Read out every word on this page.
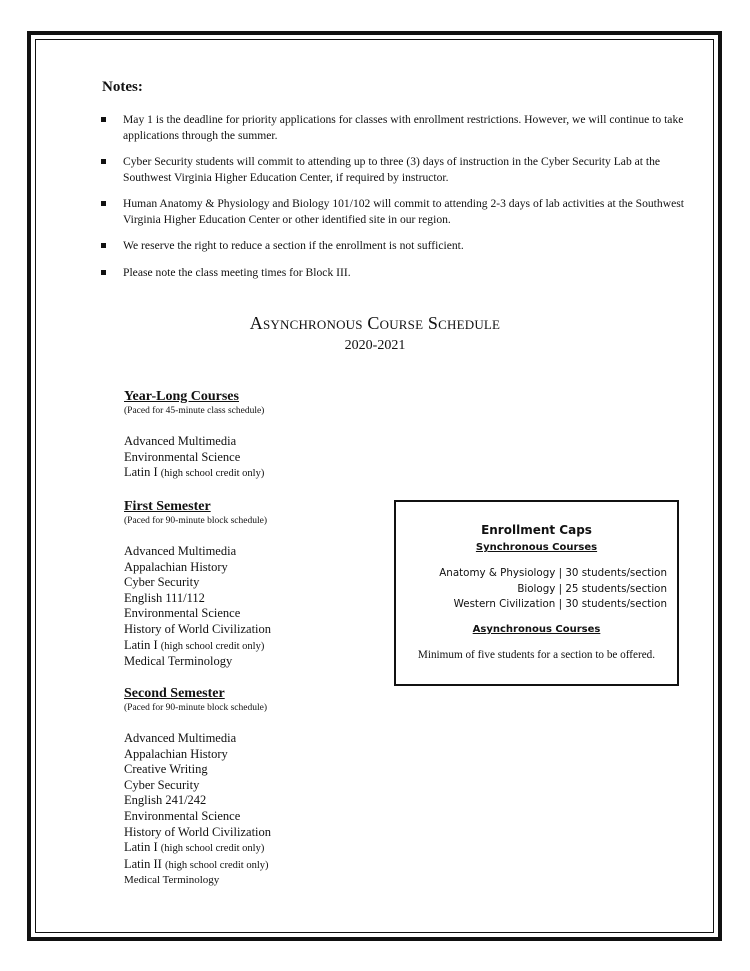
Notes:
May 1 is the deadline for priority applications for classes with enrollment restrictions. However, we will continue to take applications through the summer.
Cyber Security students will commit to attending up to three (3) days of instruction in the Cyber Security Lab at the Southwest Virginia Higher Education Center, if required by instructor.
Human Anatomy & Physiology and Biology 101/102 will commit to attending 2-3 days of lab activities at the Southwest Virginia Higher Education Center or other identified site in our region.
We reserve the right to reduce a section if the enrollment is not sufficient.
Please note the class meeting times for Block III.
Asynchronous Course Schedule
2020-2021
Year-Long Courses
(Paced for 45-minute class schedule)
Advanced Multimedia
Environmental Science
Latin I (high school credit only)
First Semester
(Paced for 90-minute block schedule)
Advanced Multimedia
Appalachian History
Cyber Security
English 111/112
Environmental Science
History of World Civilization
Latin I (high school credit only)
Medical Terminology
Second Semester
(Paced for 90-minute block schedule)
Advanced Multimedia
Appalachian History
Creative Writing
Cyber Security
English 241/242
Environmental Science
History of World Civilization
Latin I (high school credit only)
Latin II (high school credit only)
Medical Terminology
Enrollment Caps
Synchronous Courses
Anatomy & Physiology | 30 students/section
Biology | 25 students/section
Western Civilization | 30 students/section
Asynchronous Courses
Minimum of five students for a section to be offered.
